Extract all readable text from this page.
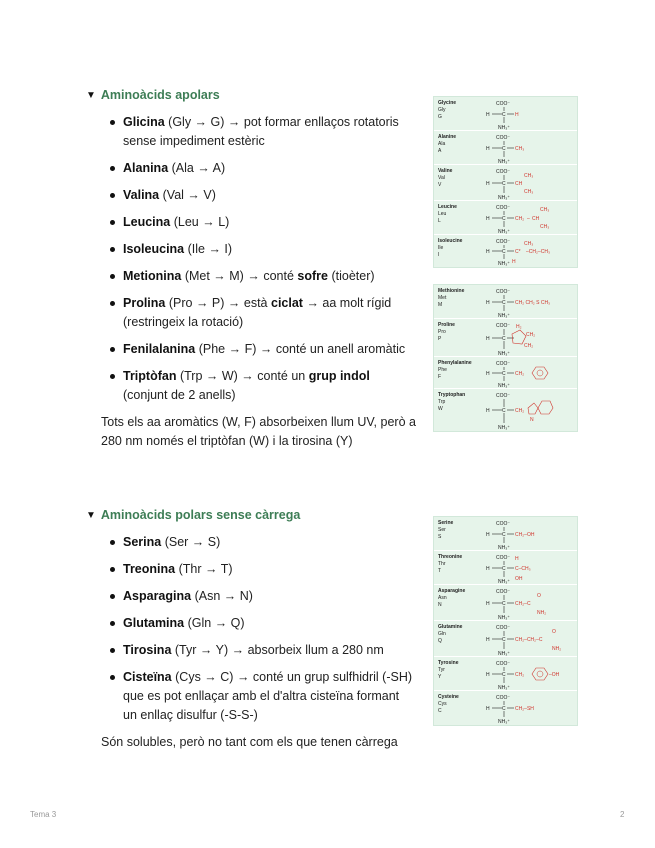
▼ Aminoàcids apolars
Glicina (Gly → G) → pot formar enllaços rotatoris sense impediment estèric
Alanina (Ala → A)
Valina (Val → V)
Leucina (Leu → L)
Isoleucina (Ile → I)
Metionina (Met → M) → conté sofre (tioèter)
Prolina (Pro → P) → està ciclat → aa molt rígid (restringeix la rotació)
Fenilalanina (Phe → F) → conté un anell aromàtic
Triptòfan (Trp → W) → conté un grup indol (conjunt de 2 anells)
Tots els aa aromàtics (W, F) absorbeixen llum UV, però a 280 nm només el triptòfan (W) i la tirosina (Y)
▼ Aminoàcids polars sense càrrega
Serina (Ser → S)
Treonina (Thr → T)
Asparagina (Asn → N)
Glutamina (Gln → Q)
Tirosina (Tyr → Y) → absorbeix llum a 280 nm
Cisteïna (Cys → C) → conté un grup sulfhidril (-SH) que es pot enllaçar amb el d'altra cisteïna formant un enllaç disulfur (-S-S-)
Són solubles, però no tant com els que tenen càrrega
Glycine
Gly
G
COO⁻
H C
NH₃⁺
H
Alanine
Ala
A
COO⁻
H C
NH₃⁺
CH₃
Valine
Val
V
COO⁻
H C
NH₃⁺
CH
CH₃
CH₃
Leucine
Leu
L
COO⁻
H C
NH₃⁺
CH₂ – CH
CH₃
CH₃
Isoleucine
Ile
I
COO⁻
H C
NH₃⁺
C*
CH₃
–CH₂–CH₃
H
Methionine
Met
M
COO⁻
H C
NH₃⁺
CH₂ CH₂ S CH₃
Proline
Pro
P
COO⁻
H C
NH₃⁺
H₂
CH₂
CH₂
Phenylalanine
Phe
F
COO⁻
H C
NH₃⁺
CH₂
Tryptophan
Trp
W
COO⁻
H C
NH₃⁺
CH₂
N
Serine
Ser
S
COO⁻
H C
NH₃⁺
CH₂–OH
Threonine
Thr
T
COO⁻
H C
NH₃⁺
H
C–CH₃
OH
Asparagine
Asn
N
COO⁻
H C
NH₃⁺
CH₂–C
O
NH₂
Glutamine
Gln
Q
COO⁻
H C
NH₃⁺
CH₂–CH₂–C
O
NH₂
Tyrosine
Tyr
Y
COO⁻
H C
NH₃⁺
CH₂	–OH
Cysteine
Cys
C
COO⁻
H C
NH₃⁺
CH₂–SH
Tema 3	2
